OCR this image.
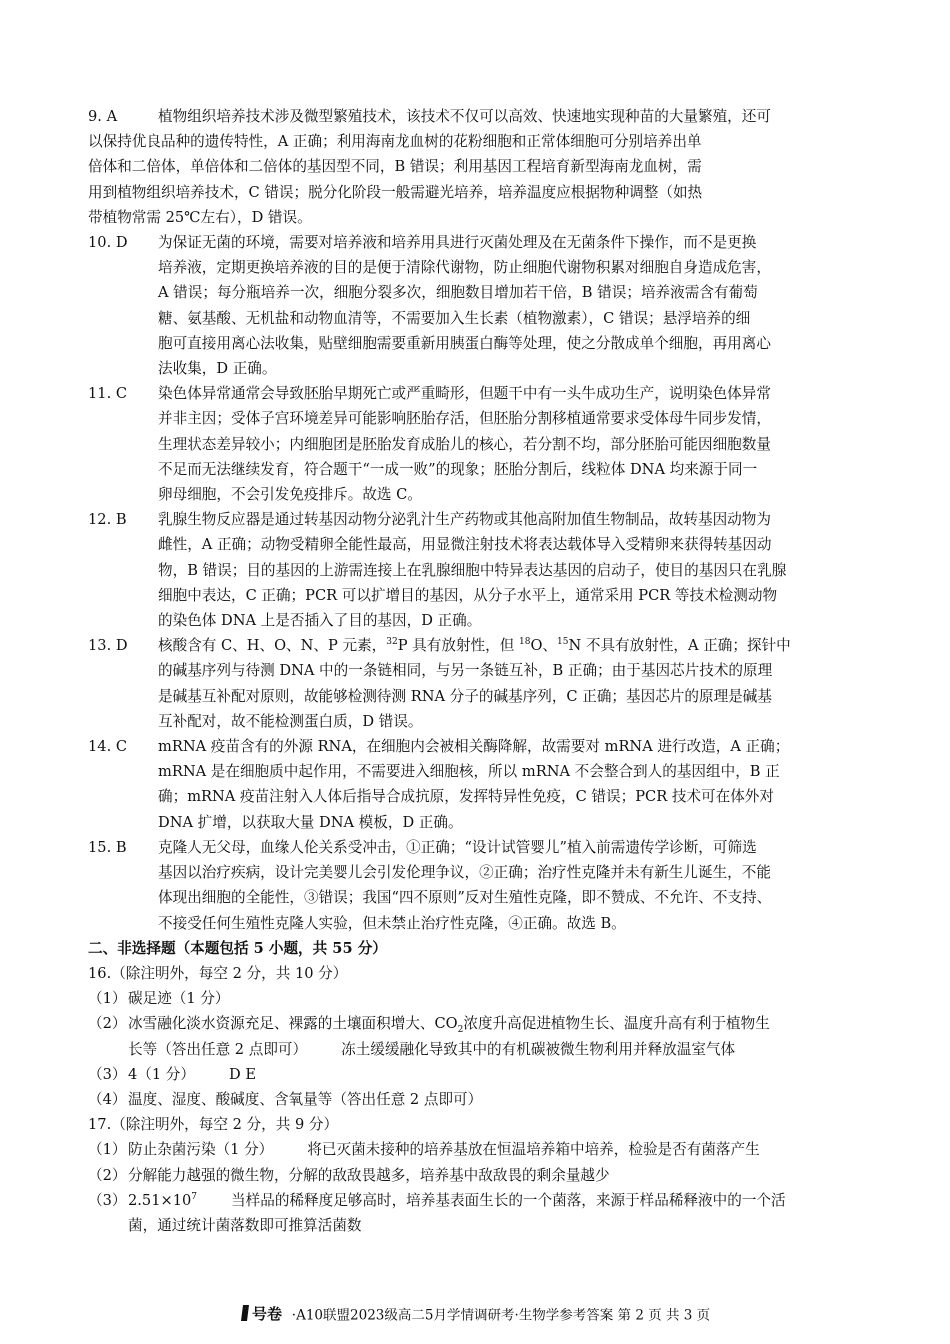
9. A	植物组织培养技术涉及微型繁殖技术，该技术不仅可以高效、快速地实现种苗的大量繁殖，还可
以保持优良品种的遗传特性，A 正确；利用海南龙血树的花粉细胞和正常体细胞可分别培养出单
倍体和二倍体，单倍体和二倍体的基因型不同，B 错误；利用基因工程培育新型海南龙血树，需
用到植物组织培养技术，C 错误；脱分化阶段一般需避光培养，培养温度应根据物种调整（如热
带植物常需 25℃左右），D 错误。
10. D	为保证无菌的环境，需要对培养液和培养用具进行灭菌处理及在无菌条件下操作，而不是更换
培养液，定期更换培养液的目的是便于清除代谢物，防止细胞代谢物积累对细胞自身造成危害，
A 错误；每分瓶培养一次，细胞分裂多次，细胞数目增加若干倍，B 错误；培养液需含有葡萄
糖、氨基酸、无机盐和动物血清等，不需要加入生长素（植物激素），C 错误；悬浮培养的细
胞可直接用离心法收集，贴壁细胞需要重新用胰蛋白酶等处理，使之分散成单个细胞，再用离心
法收集，D 正确。
11. C	染色体异常通常会导致胚胎早期死亡或严重畸形，但题干中有一头牛成功生产，说明染色体异常
并非主因；受体子宫环境差异可能影响胚胎存活，但胚胎分割移植通常要求受体母牛同步发情，
生理状态差异较小；内细胞团是胚胎发育成胎儿的核心，若分割不均，部分胚胎可能因细胞数量
不足而无法继续发育，符合题干“一成一败”的现象；胚胎分割后，线粒体 DNA 均来源于同一
卵母细胞，不会引发免疫排斥。故选 C。
12. B	乳腺生物反应器是通过转基因动物分泌乳汁生产药物或其他高附加值生物制品，故转基因动物为
雌性，A 正确；动物受精卵全能性最高，用显微注射技术将表达载体导入受精卵来获得转基因动
物，B 错误；目的基因的上游需连接上在乳腺细胞中特异表达基因的启动子，使目的基因只在乳腺
细胞中表达，C 正确；PCR 可以扩增目的基因，从分子水平上，通常采用 PCR 等技术检测动物
的染色体 DNA 上是否插入了目的基因，D 正确。
13. D	核酸含有 C、H、O、N、P 元素，$^{32}$P 具有放射性，但 $^{18}$O、$^{15}$N 不具有放射性，A 正确；探针中
的碱基序列与待测 DNA 中的一条链相同，与另一条链互补，B 正确；由于基因芯片技术的原理
是碱基互补配对原则，故能够检测待测 RNA 分子的碱基序列，C 正确；基因芯片的原理是碱基
互补配对，故不能检测蛋白质，D 错误。
14. C	mRNA 疫苗含有的外源 RNA，在细胞内会被相关酶降解，故需要对 mRNA 进行改造，A 正确；
mRNA 是在细胞质中起作用，不需要进入细胞核，所以 mRNA 不会整合到人的基因组中，B 正
确；mRNA 疫苗注射入人体后指导合成抗原，发挥特异性免疫，C 错误；PCR 技术可在体外对
DNA 扩增，以获取大量 DNA 模板，D 正确。
15. B	克隆人无父母，血缘人伦关系受冲击，①正确；“设计试管婴儿”植入前需遗传学诊断，可筛选
基因以治疗疾病，设计完美婴儿会引发伦理争议，②正确；治疗性克隆并未有新生儿诞生，不能
体现出细胞的全能性，③错误；我国“四不原则”反对生殖性克隆，即不赞成、不允许、不支持、
不接受任何生殖性克隆人实验，但未禁止治疗性克隆，④正确。故选 B。
二、非选择题（本题包括 5 小题，共 55 分）
16.（除注明外，每空 2 分，共 10 分）
（1） 碳足迹（1 分）
（2） 冰雪融化淡水资源充足、裸露的土壤面积增大、$CO_2$浓度升高促进植物生长、温度升高有利于植物生
长等（答出任意 2 点即可） 冻土缓缓融化导致其中的有机碳被微生物利用并释放温室气体
（3） 4（1 分） D E
（4） 温度、湿度、酸碱度、含氧量等（答出任意 2 点即可）
17.（除注明外，每空 2 分，共 9 分）
（1） 防止杂菌污染（1 分） 将已灭菌未接种的培养基放在恒温培养箱中培养，检验是否有菌落产生
（2） 分解能力越强的微生物，分解的敌敌畏越多，培养基中敌敌畏的剩余量越少
（3） $2.51\times 10^7$ 当样品的稀释度足够高时，培养基表面生长的一个菌落，来源于样品稀释液中的一个活
菌，通过统计菌落数即可推算活菌数
号卷 ·A10联盟2023级高二5月学情调研考·生物学参考答案 第 2 页 共 3 页
